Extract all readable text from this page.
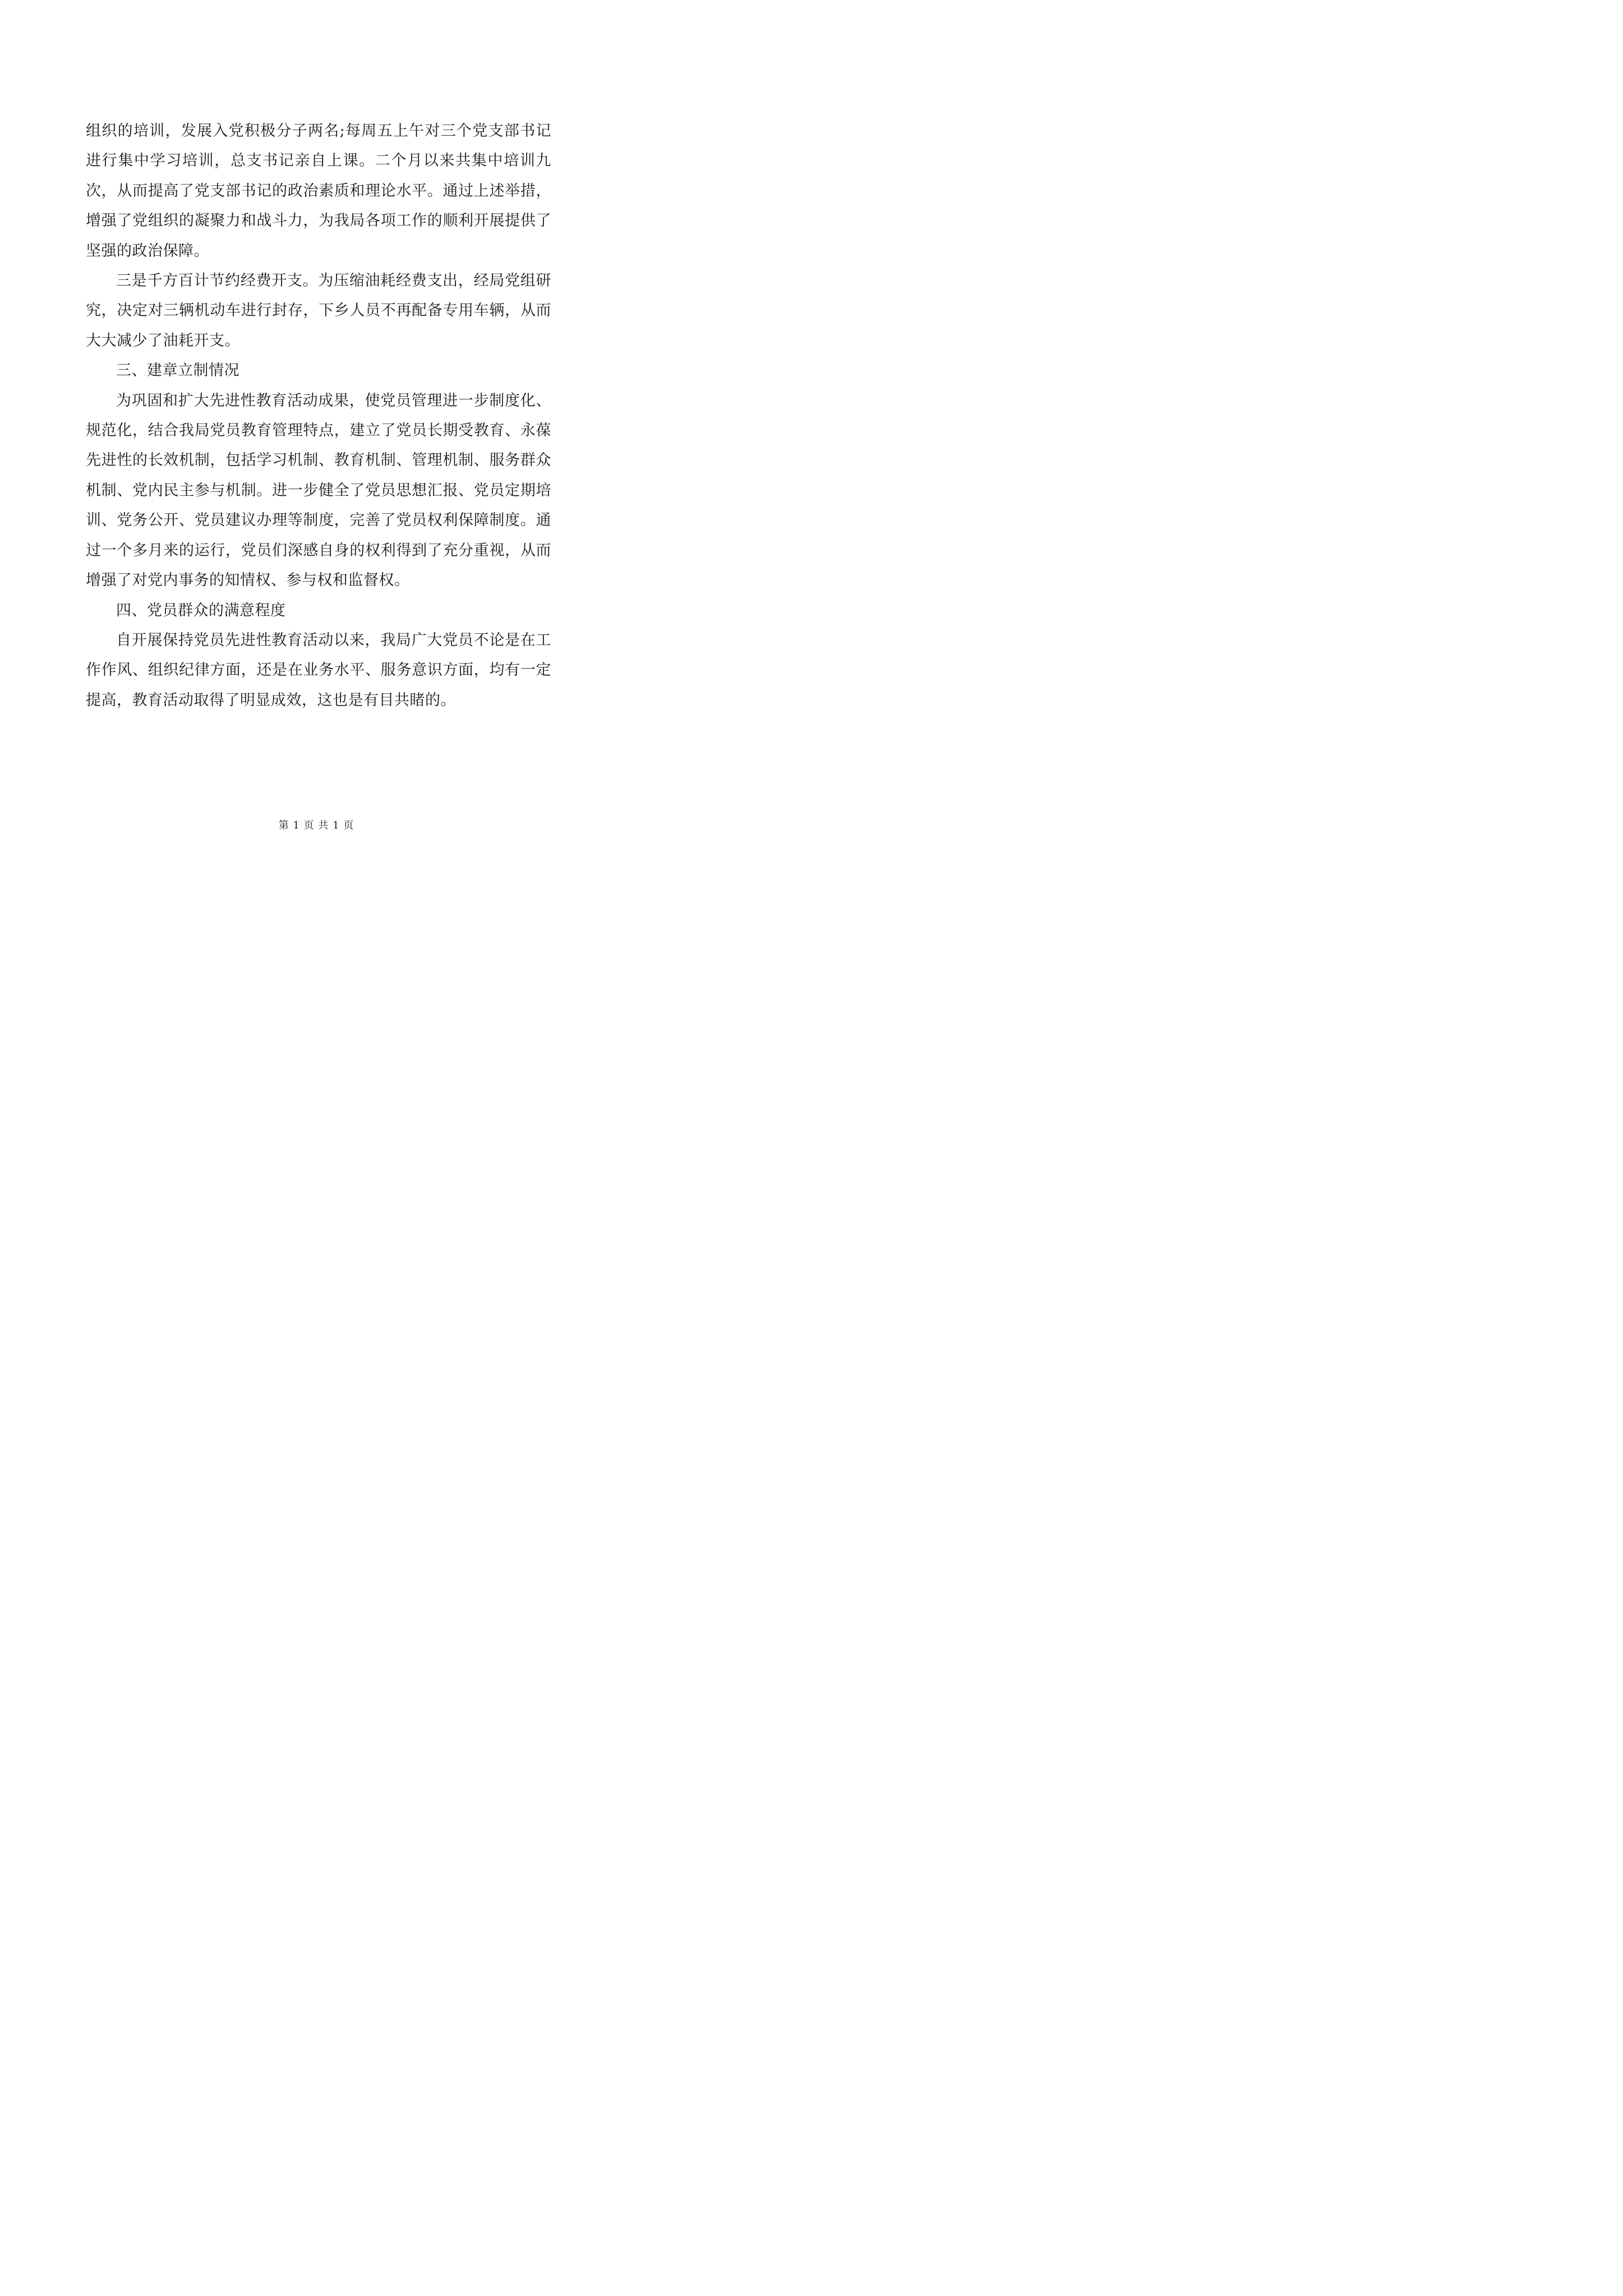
组织的培训，发展入党积极分子两名;每周五上午对三个党支部书记进行集中学习培训，总支书记亲自上课。二个月以来共集中培训九次，从而提高了党支部书记的政治素质和理论水平。通过上述举措，增强了党组织的凝聚力和战斗力，为我局各项工作的顺利开展提供了坚强的政治保障。

三是千方百计节约经费开支。为压缩油耗经费支出，经局党组研究，决定对三辆机动车进行封存，下乡人员不再配备专用车辆，从而大大减少了油耗开支。

三、建章立制情况

为巩固和扩大先进性教育活动成果，使党员管理进一步制度化、规范化，结合我局党员教育管理特点，建立了党员长期受教育、永葆先进性的长效机制，包括学习机制、教育机制、管理机制、服务群众机制、党内民主参与机制。进一步健全了党员思想汇报、党员定期培训、党务公开、党员建议办理等制度，完善了党员权利保障制度。通过一个多月来的运行，党员们深感自身的权利得到了充分重视，从而增强了对党内事务的知情权、参与权和监督权。

四、党员群众的满意程度

自开展保持党员先进性教育活动以来，我局广大党员不论是在工作作风、组织纪律方面，还是在业务水平、服务意识方面，均有一定提高，教育活动取得了明显成效，这也是有目共睹的。

第 1 页 共 1 页
